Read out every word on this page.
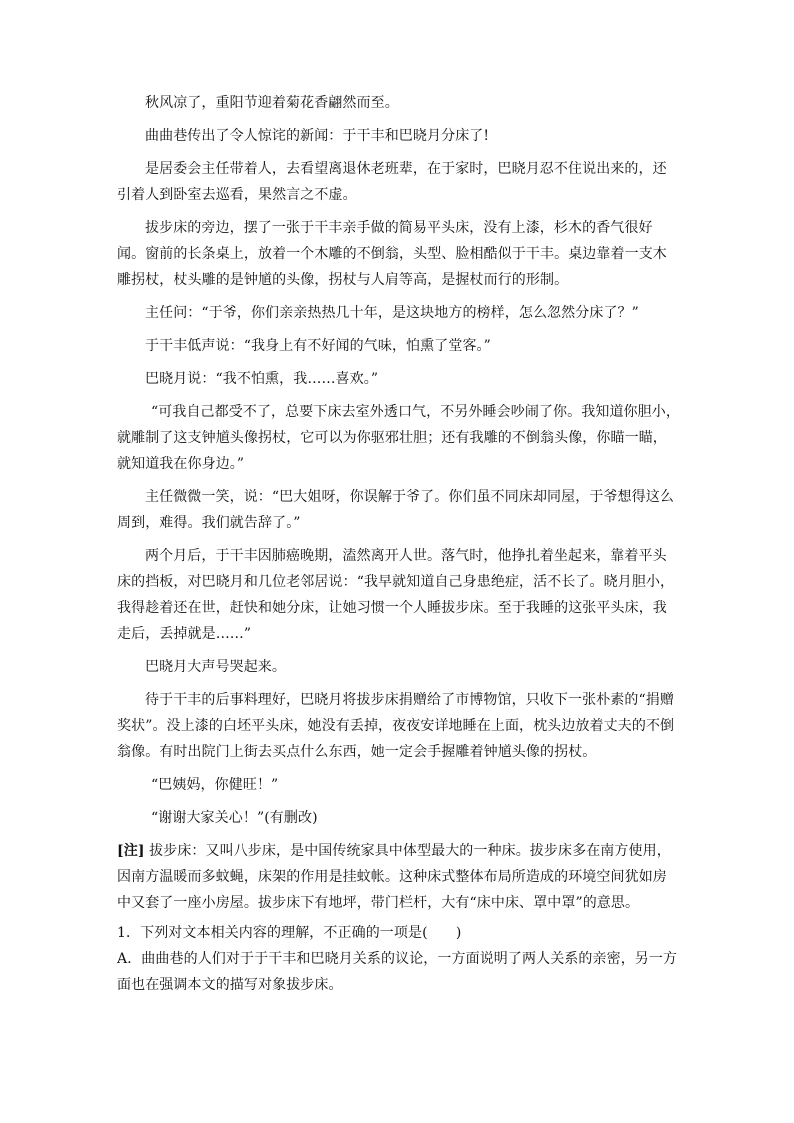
秋风凉了，重阳节迎着菊花香翩然而至。

曲曲巷传出了令人惊诧的新闻：于干丰和巴晓月分床了!

是居委会主任带着人，去看望离退休老班辈，在于家时，巴晓月忍不住说出来的，还引着人到卧室去巡看，果然言之不虚。

拔步床的旁边，摆了一张于干丰亲手做的简易平头床，没有上漆，杉木的香气很好闻。窗前的长条桌上，放着一个木雕的不倒翁，头型、脸相酷似于干丰。桌边靠着一支木雕拐杖，杖头雕的是钟馗的头像，拐杖与人肩等高，是握杖而行的形制。

主任问：“于爷，你们亲亲热热几十年，是这块地方的榜样，怎么忽然分床了？”

于干丰低声说：“我身上有不好闻的气味，怕熏了堂客。”

巴晓月说：“我不怕熏，我……喜欢。”

“可我自己都受不了，总要下床去室外透口气，不另外睡会吵闹了你。我知道你胆小，就雕制了这支钟馗头像拐杖，它可以为你驱邪壮胆；还有我雕的不倒翁头像，你瞄一瞄，就知道我在你身边。”

主任微微一笑，说：“巴大姐呀，你误解于爷了。你们虽不同床却同屋，于爷想得这么周到，难得。我们就告辞了。”

两个月后，于干丰因肺癌晚期，溘然离开人世。落气时，他挣扎着坐起来，靠着平头床的挡板，对巴晓月和几位老邻居说：“我早就知道自己身患绝症，活不长了。晓月胆小，我得趁着还在世，赶快和她分床，让她习惯一个人睡拔步床。至于我睡的这张平头床，我走后，丢掉就是……”

巴晓月大声号哭起来。

待于干丰的后事料理好，巴晓月将拔步床捐赠给了市博物馆，只收下一张朴素的“捐赠奖状”。没上漆的白坯平头床，她没有丢掉，夜夜安详地睡在上面，枕头边放着丈夫的不倒翁像。有时出院门上街去买点什么东西，她一定会手握雕着钟馗头像的拐杖。

“巴姨妈，你健旺！”

“谢谢大家关心！”(有删改)

[注] 拔步床：又叫八步床，是中国传统家具中体型最大的一种床。拔步床多在南方使用，因南方温暖而多蚊蝇，床架的作用是挂蚊帐。这种床式整体布局所造成的环境空间犹如房中又套了一座小房屋。拔步床下有地坪，带门栏杆，大有“床中床、罩中罩”的意思。

1．下列对文本相关内容的理解，不正确的一项是(　　)

A．曲曲巷的人们对于于干丰和巴晓月关系的议论，一方面说明了两人关系的亲密，另一方面也在强调本文的描写对象拔步床。
